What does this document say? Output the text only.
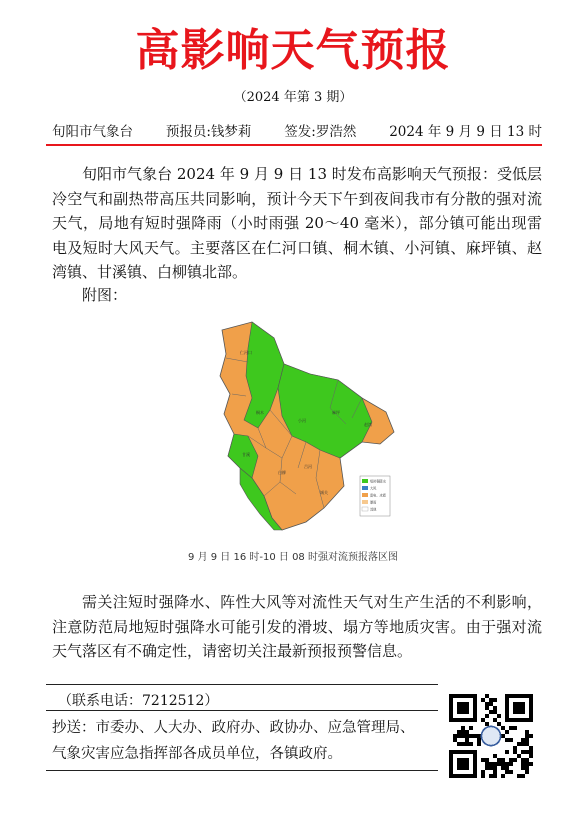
高影响天气预报
（2024 年第 3 期）
旬阳市气象台 预报员:钱梦莉 签发:罗浩然 2024 年 9 月 9 日 13 时
旬阳市气象台 2024 年 9 月 9 日 13 时发布高影响天气预报：受低层冷空气和副热带高压共同影响，预计今天下午到夜间我市有分散的强对流天气，局地有短时强降雨（小时雨强 20～40 毫米），部分镇可能出现雷电及短时大风天气。主要落区在仁河口镇、桐木镇、小河镇、麻坪镇、赵湾镇、甘溪镇、白柳镇北部。
附图：
仁河口
桐木
小河
麻坪
赵湾
甘溪
白柳
吕河
城关
短时强降水
大风
雷电、冰雹
暴雨
其他
9 月 9 日 16 时-10 日 08 时强对流预报落区图
需关注短时强降水、阵性大风等对流性天气对生产生活的不利影响，注意防范局地短时强降水可能引发的滑坡、塌方等地质灾害。由于强对流天气落区有不确定性，请密切关注最新预报预警信息。
（联系电话：7212512）
抄送：市委办、人大办、政府办、政协办、应急管理局、
气象灾害应急指挥部各成员单位，各镇政府。
